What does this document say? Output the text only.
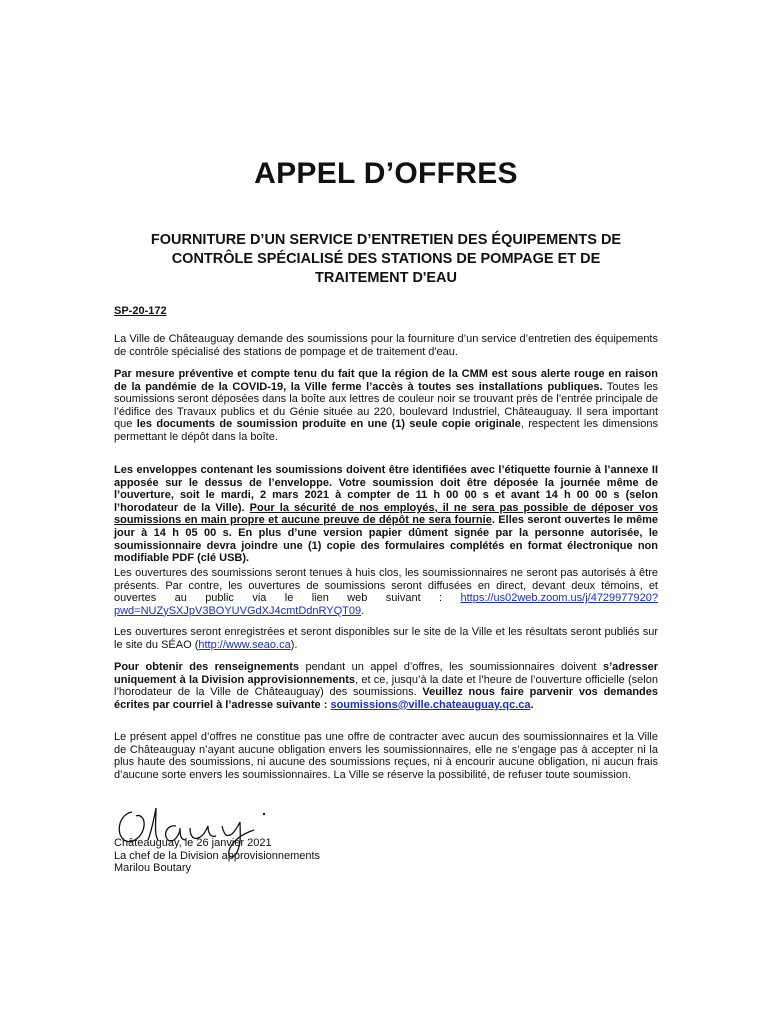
APPEL D’OFFRES
FOURNITURE D’UN SERVICE D’ENTRETIEN DES ÉQUIPEMENTS DE
CONTRÔLE SPÉCIALISÉ DES STATIONS DE POMPAGE ET DE
TRAITEMENT D'EAU
SP-20-172

La Ville de Châteauguay demande des soumissions pour la fourniture d’un service d’entretien des équipements de contrôle spécialisé des stations de pompage et de traitement d'eau.

Par mesure préventive et compte tenu du fait que la région de la CMM est sous alerte rouge en raison de la pandémie de la COVID-19, la Ville ferme l’accès à toutes ses installations publiques. Toutes les soumissions seront déposées dans la boîte aux lettres de couleur noir se trouvant près de l’entrée principale de l’édifice des Travaux publics et du Génie située au 220, boulevard Industriel, Châteauguay. Il sera important que les documents de soumission produite en une (1) seule copie originale, respectent les dimensions permettant le dépôt dans la boîte.

Les enveloppes contenant les soumissions doivent être identifiées avec l’étiquette fournie à l’annexe II apposée sur le dessus de l’enveloppe. Votre soumission doit être déposée la journée même de l’ouverture, soit le mardi, 2 mars 2021 à compter de 11 h 00 00 s et avant 14 h 00 00 s (selon l’horodateur de la Ville). Pour la sécurité de nos employés, il ne sera pas possible de déposer vos soumissions en main propre et aucune preuve de dépôt ne sera fournie. Elles seront ouvertes le même jour à 14 h 05 00 s. En plus d’une version papier dûment signée par la personne autorisée, le soumissionnaire devra joindre une (1) copie des formulaires complétés en format électronique non modifiable PDF (clé USB).

Les ouvertures des soumissions seront tenues à huis clos, les soumissionnaires ne seront pas autorisés à être présents. Par contre, les ouvertures de soumissions seront diffusées en direct, devant deux témoins, et ouvertes au public via le lien web suivant : https://us02web.zoom.us/j/4729977920?pwd=NUZySXJpV3BOYUVGdXJ4cmtDdnRYQT09.

Les ouvertures seront enregistrées et seront disponibles sur le site de la Ville et les résultats seront publiés sur le site du SÉAO (http://www.seao.ca).

Pour obtenir des renseignements pendant un appel d’offres, les soumissionnaires doivent s’adresser uniquement à la Division approvisionnements, et ce, jusqu’à la date et l’heure de l’ouverture officielle (selon l’horodateur de la Ville de Châteauguay) des soumissions. Veuillez nous faire parvenir vos demandes écrites par courriel à l’adresse suivante : soumissions@ville.chateauguay.qc.ca.

Le présent appel d’offres ne constitue pas une offre de contracter avec aucun des soumissionnaires et la Ville de Châteauguay n’ayant aucune obligation envers les soumissionnaires, elle ne s’engage pas à accepter ni la plus haute des soumissions, ni aucune des soumissions reçues, ni à encourir aucune obligation, ni aucun frais d’aucune sorte envers les soumissionnaires. La Ville se réserve la possibilité, de refuser toute soumission.

Châteauguay, le 26 janvier 2021
La chef de la Division approvisionnements
Marilou Boutary
